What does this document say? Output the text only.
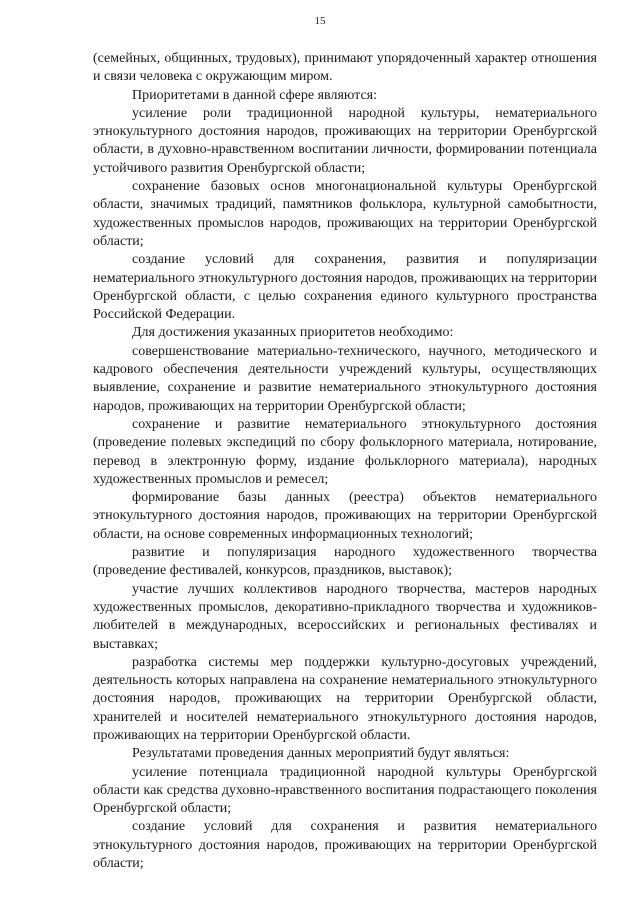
15

(семейных, общинных, трудовых), принимают упорядоченный характер отношения и связи человека с окружающим миром.

Приоритетами в данной сфере являются:

усиление роли традиционной народной культуры, нематериального этнокультурного достояния народов, проживающих на территории Оренбургской области, в духовно-нравственном воспитании личности, формировании потенциала устойчивого развития Оренбургской области;

сохранение базовых основ многонациональной культуры Оренбургской области, значимых традиций, памятников фольклора, культурной самобытности, художественных промыслов народов, проживающих на территории Оренбургской области;

создание условий для сохранения, развития и популяризации нематериального этнокультурного достояния народов, проживающих на территории Оренбургской области, с целью сохранения единого культурного пространства Российской Федерации.

Для достижения указанных приоритетов необходимо:

совершенствование материально-технического, научного, методического и кадрового обеспечения деятельности учреждений культуры, осуществляющих выявление, сохранение и развитие нематериального этнокультурного достояния народов, проживающих на территории Оренбургской области;

сохранение и развитие нематериального этнокультурного достояния (проведение полевых экспедиций по сбору фольклорного материала, нотирование, перевод в электронную форму, издание фольклорного материала), народных художественных промыслов и ремесел;

формирование базы данных (реестра) объектов нематериального этнокультурного достояния народов, проживающих на территории Оренбургской области, на основе современных информационных технологий;

развитие и популяризация народного художественного творчества (проведение фестивалей, конкурсов, праздников, выставок);

участие лучших коллективов народного творчества, мастеров народных художественных промыслов, декоративно-прикладного творчества и художников-любителей в международных, всероссийских и региональных фестивалях и выставках;

разработка системы мер поддержки культурно-досуговых учреждений, деятельность которых направлена на сохранение нематериального этнокультурного достояния народов, проживающих на территории Оренбургской области, хранителей и носителей нематериального этнокультурного достояния народов, проживающих на территории Оренбургской области.

Результатами проведения данных мероприятий будут являться:

усиление потенциала традиционной народной культуры Оренбургской области как средства духовно-нравственного воспитания подрастающего поколения Оренбургской области;

создание условий для сохранения и развития нематериального этнокультурного достояния народов, проживающих на территории Оренбургской области;
